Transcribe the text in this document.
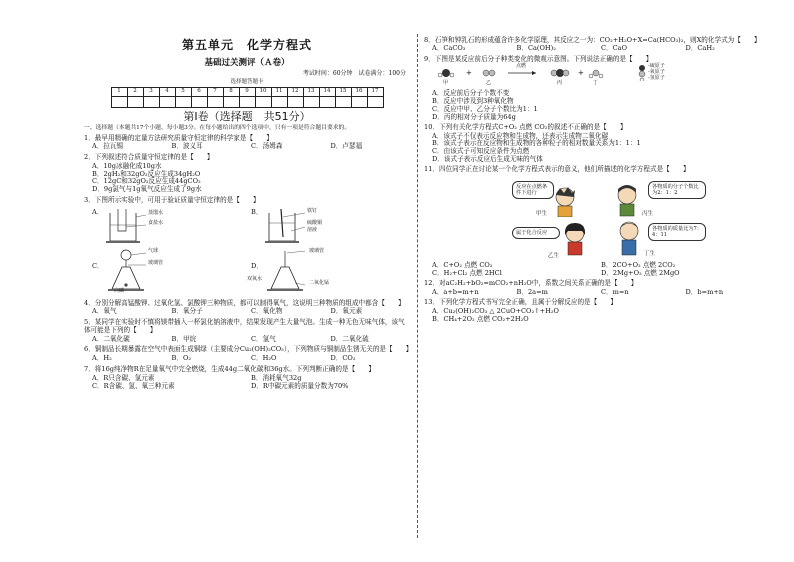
第五单元　化学方程式
基础过关测评（Ａ卷）
考试时间：60分钟　试卷满分：100分
选择题答题卡
1	2	3	4	5	6	7	8	9	10	11	12	13	14	15	16	17

第Ⅰ卷（选择题　共51分）
一、选择题（本题共17个小题，每小题3分。在每小题给出的四个选项中，只有一项是符合题目要求的。
1．最早用精确的定量方法研究质量守恒定律的科学家是【　　】
A．拉瓦锡	B．波义耳	C．汤姆森	D．卢瑟福
2．下列叙述符合质量守恒定律的是【　　】
A．10g冰融化成10g水
B．2gH₂和32gO₂反应生成34gH₂O
C．12gC和32gO₂反应生成44gCO₂
D．9g氯气与1g氧气反应生成了9g水
3．下图所示实验中，可用于验证质量守恒定律的是【　　】
A．	蒸馏水
食盐水
B．	铁钉
硫酸铜
溶液
C．
气球
玻璃管
白磷
D．
玻璃管
双氧水
二氧化锰
4．分别分解高锰酸钾、过氧化氢、氯酸钾三种物质，都可以制得氧气，这说明三种物质的组成中都含【　　】
A．氧气	B．氧分子	C．氧化物	D．氧元素
5．某同学在实验时不慎将镁带插入一杯氯化钠溶液中，结果发现产生大量气泡。生成一种无色无味气体，该气体可能是下列的【　　】
A．二氧化碳	B．甲烷	C．氢气	D．二氧化硫
6．铜制品长期暴露在空气中表面生成铜绿（主要成分Cu₂(OH)₂CO₃），下列物质与铜制品生锈无关的是【　　】
A．H₂	B．O₂	C．H₂O	D．CO₂
7．将16g纯净物R在足量氧气中完全燃烧，生成44g二氧化碳和36g水。下列判断正确的是【　　】
A．R只含碳、氢元素	B．消耗氧气32g
C．R含碳、氢、氧三种元素	D．R中碳元素的质量分数为70%
8．石笋和钟乳石的形成蕴含许多化学原理，其反应之一为：CO₂+H₂O+X=Ca(HCO₃)₂，则X的化学式为【　　】
A．CaCO₃	B．Ca(OH)₂	C．CaO	D．CaH₂
9．下图是某反应前后分子种类变化的微观示意图。下列说法正确的是【　　】
+	+
点燃
甲	乙	丙	丁
-硫原子
-氧原子
-氢原子
A．反应前后分子个数不变
B．反应中涉及到3种氧化物
C．反应中甲、乙分子个数比为1：1
D．丙的相对分子质量为64g
10．下列有关化学方程式C+O₂ 点燃 CO₂的叙述不正确的是【　　】
A．该式子不仅表示反应物和生成物，还表示生成物二氧化碳
B．该式子表示在反应物和生成物的各种粒子的相对数量关系为1：1：1
C．由该式子可知反应条件为点燃
D．该式子表示反应后生成无味的气体
11．四位同学正在讨论某一个化学方程式表示的意义，他们所描述的化学方程式是【　　】
反应在点燃条件下进行
各物质的分子个数比为2：1：2
属于化合反应
各物质的质量比为7：4：11
甲生	丙生
乙生	丁生
A．C+O₂ 点燃 CO₂	B．2CO+O₂ 点燃 2CO₂
C．H₂+Cl₂ 点燃 2HCl	D．2Mg+O₂ 点燃 2MgO
12．对aC₂H₂+bO₂=mCO₂+nH₂O中，系数之间关系正确的是【　　】
A．a+b=m+n	B．2a=m	C．m=n	D．b=m+n
13．下列化学方程式书写完全正确，且属于分解反应的是【　　】
A．Cu₂(OH)₂CO₃ △ 2CuO+CO₂↑+H₂O
B．CH₄+2O₂ 点燃 CO₂+2H₂O
